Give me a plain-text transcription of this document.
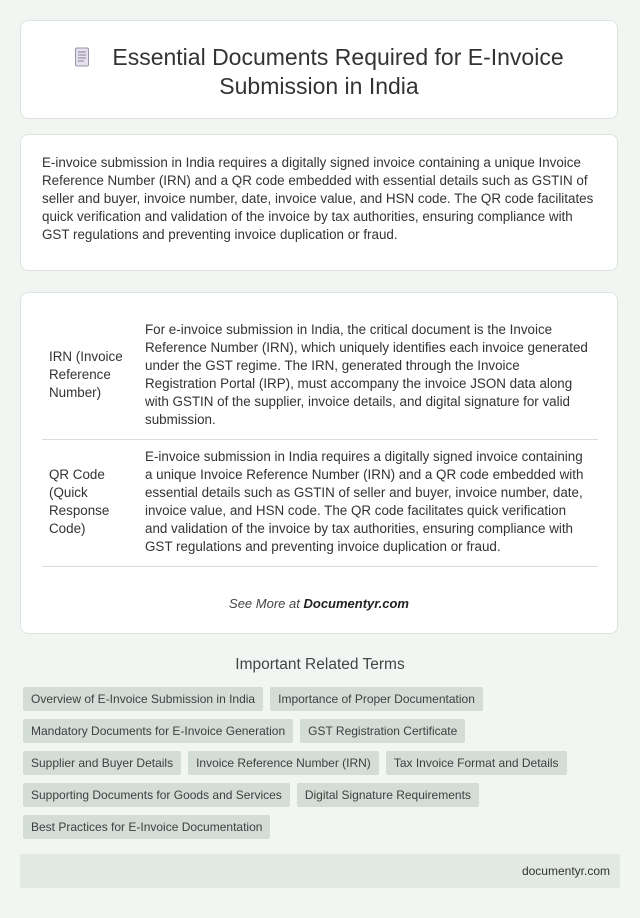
Essential Documents Required for E-Invoice
Submission in India

E-invoice submission in India requires a digitally signed invoice containing a unique Invoice Reference Number (IRN) and a QR code embedded with essential details such as GSTIN of seller and buyer, invoice number, date, invoice value, and HSN code. The QR code facilitates quick verification and validation of the invoice by tax authorities, ensuring compliance with GST regulations and preventing invoice duplication or fraud.

IRN (Invoice Reference Number)	For e-invoice submission in India, the critical document is the Invoice Reference Number (IRN), which uniquely identifies each invoice generated under the GST regime. The IRN, generated through the Invoice Registration Portal (IRP), must accompany the invoice JSON data along with GSTIN of the supplier, invoice details, and digital signature for valid submission.
QR Code (Quick Response Code)	E-invoice submission in India requires a digitally signed invoice containing a unique Invoice Reference Number (IRN) and a QR code embedded with essential details such as GSTIN of seller and buyer, invoice number, date, invoice value, and HSN code. The QR code facilitates quick verification and validation of the invoice by tax authorities, ensuring compliance with GST regulations and preventing invoice duplication or fraud.
See More at Documentyr.com
Important Related Terms
Overview of E-Invoice Submission in India	Importance of Proper Documentation
Mandatory Documents for E-Invoice Generation	GST Registration Certificate
Supplier and Buyer Details	Invoice Reference Number (IRN)	Tax Invoice Format and Details
Supporting Documents for Goods and Services	Digital Signature Requirements
Best Practices for E-Invoice Documentation
documentyr.com
